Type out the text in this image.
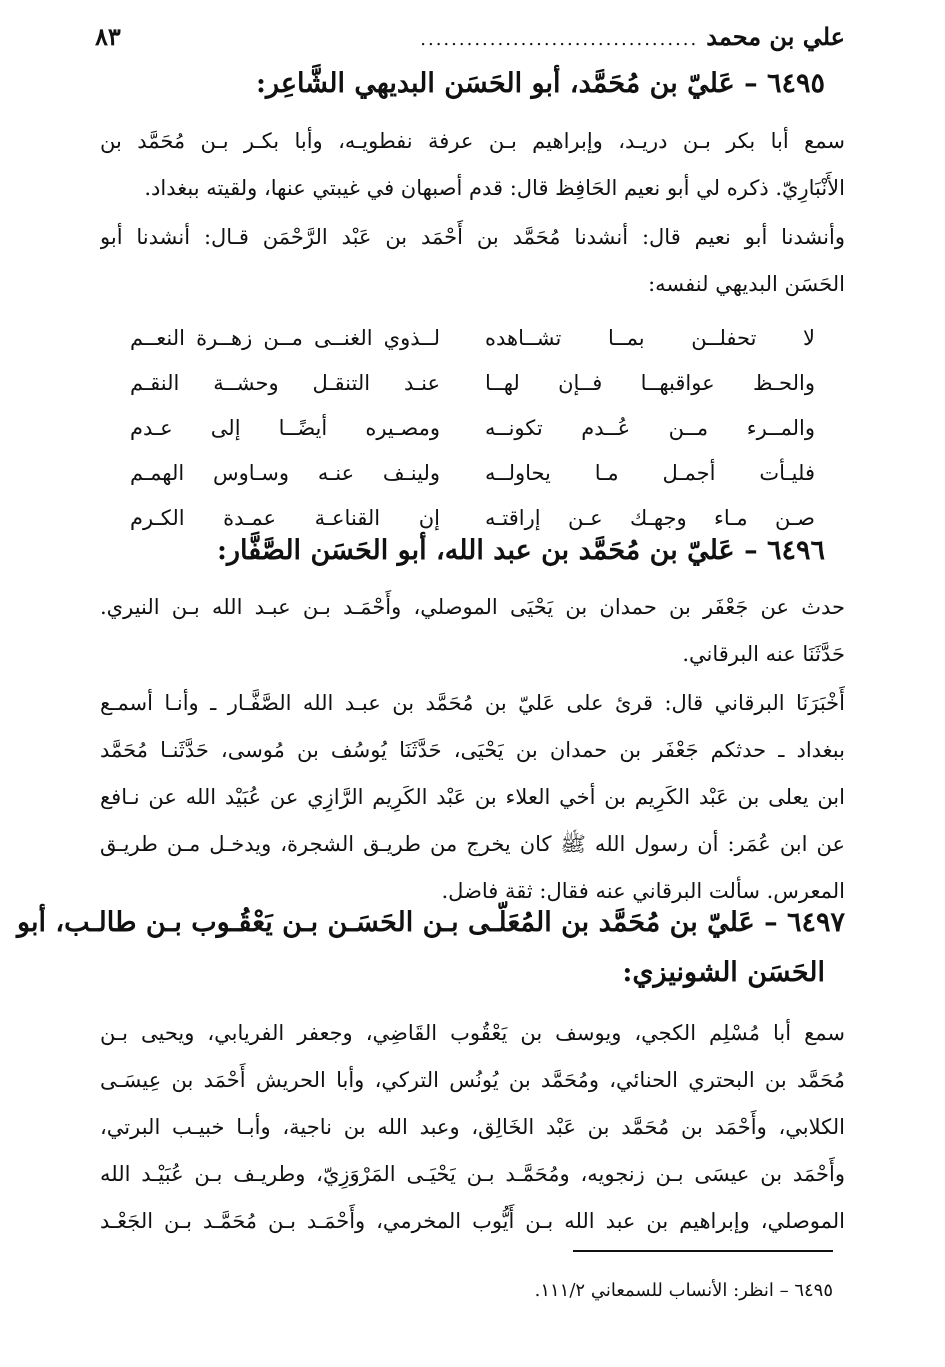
علي بن محمد
....................................
٨٣
٦٤٩٥ – عَليّ بن مُحَمَّد، أبو الحَسَن البديهي الشَّاعِر:
سمع أبا بكر بـن دريـد، وإبراهيم بـن عرفة نفطويـه، وأبا بكـر بـن مُحَمَّد بن
الأَنْبَارِيّ. ذكره لي أبو نعيم الحَافِظ قال: قدم أصبهان في غيبتي عنها، ولقيته ببغداد.
وأنشدنا أبو نعيم قال: أنشدنا مُحَمَّد بن أَحْمَد بن عَبْد الرَّحْمَن قـال: أنشدنا أبو
الحَسَن البديهي لنفسه:
لا تحفلــن بمــا تشــاهده
لــذوي الغنــى مــن زهــرة النعــم
والحـظ عواقبهــا فــإن لهــا
عنـد التنقـل وحشــة النقـم
والمــرء مــن عُــدم تكونــه
ومصـيره أيضًــا إلى عـدم
فليـأت أجمـل مـا يحاولــه
ولينـف عنـه وسـاوس الهمـم
صـن مـاء وجهـك عـن إراقتـه
إن القناعـة عمـدة الكـرم
٦٤٩٦ – عَليّ بن مُحَمَّد بن عبد الله، أبو الحَسَن الصَّفَّار:
حدث عن جَعْفَر بن حمدان بن يَحْيَى الموصلي، وأَحْمَـد بـن عبـد الله بـن النيري.
حَدَّثَنَا عنه البرقاني.
أَخْبَرَنَا البرقاني قال: قرئ على عَليّ بن مُحَمَّد بن عبـد الله الصَّفَّـار ـ وأنـا أسمـع
ببغداد ـ حدثكم جَعْفَر بن حمدان بن يَحْيَى، حَدَّثَنَا يُوسُف بن مُوسى، حَدَّثَنـا مُحَمَّد
ابن يعلى بن عَبْد الكَرِيم بن أخي العلاء بن عَبْد الكَرِيم الرَّازِي عن عُبَيْد الله عن نـافع
عن ابن عُمَر: أن رسول الله ﷺ كان يخرج من طريـق الشجرة، ويدخـل مـن طريـق
المعرس. سألت البرقاني عنه فقال: ثقة فاضل.
٦٤٩٧ – عَليّ بن مُحَمَّد بن المُعَلّـى بـن الحَسَـن بـن يَعْقُـوب بـن طالـب، أبو
الحَسَن الشونيزي:
سمع أبا مُسْلِم الكجي، ويوسف بن يَعْقُوب القَاضِي، وجعفر الفريابي، ويحيى بـن
مُحَمَّد بن البحتري الحنائي، ومُحَمَّد بن يُونُس التركي، وأبا الحريش أَحْمَد بن عِيسَـى
الكلابي، وأَحْمَد بن مُحَمَّد بن عَبْد الخَالِق، وعبد الله بن ناجية، وأبـا خبيـب البرتي،
وأَحْمَد بن عيسَى بـن زنجويه، ومُحَمَّـد بـن يَحْيَـى المَرْوَزِيّ، وطريـف بـن عُبَيْـد الله
الموصلي، وإبراهيم بن عبد الله بـن أَيُّوب المخرمي، وأَحْمَـد بـن مُحَمَّـد بـن الجَعْـد
٦٤٩٥ – انظر: الأنساب للسمعاني ١١١/٢.
